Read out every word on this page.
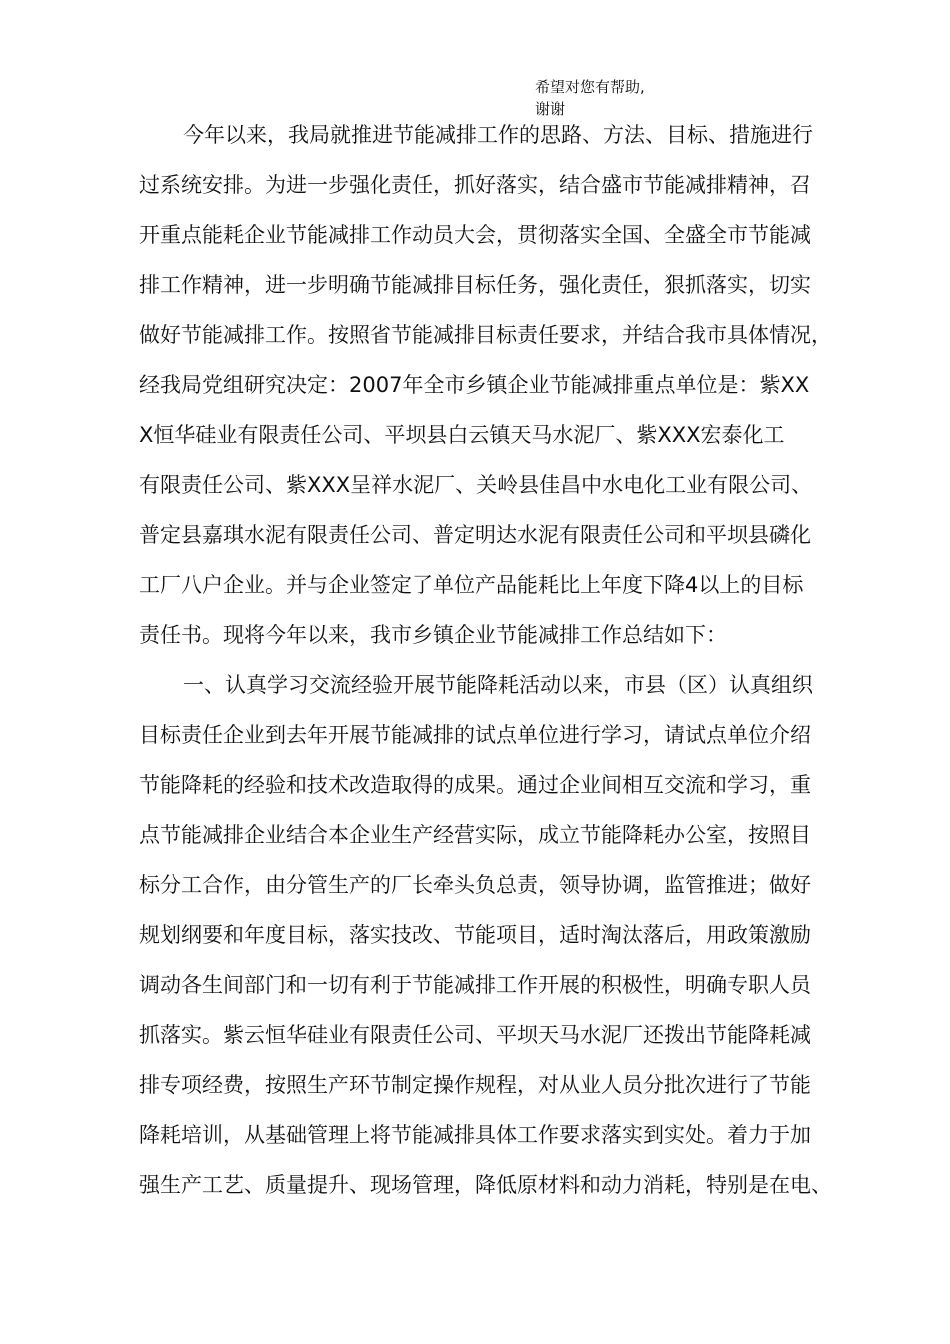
希望对您有帮助,
谢谢
今年以来，我局就推进节能减排工作的思路、方法、目标、措施进行
过系统安排。为进一步强化责任，抓好落实，结合盛市节能减排精神，召
开重点能耗企业节能减排工作动员大会，贯彻落实全国、全盛全市节能减
排工作精神，进一步明确节能减排目标任务，强化责任，狠抓落实，切实
做好节能减排工作。按照省节能减排目标责任要求，并结合我市具体情况，
经我局党组研究决定：2007年全市乡镇企业节能减排重点单位是：紫XX
X恒华硅业有限责任公司、平坝县白云镇天马水泥厂、紫XXX宏泰化工
有限责任公司、紫XXX呈祥水泥厂、关岭县佳昌中水电化工业有限公司、
普定县嘉琪水泥有限责任公司、普定明达水泥有限责任公司和平坝县磷化
工厂八户企业。并与企业签定了单位产品能耗比上年度下降4以上的目标
责任书。现将今年以来，我市乡镇企业节能减排工作总结如下：
一、认真学习交流经验开展节能降耗活动以来，市县（区）认真组织
目标责任企业到去年开展节能减排的试点单位进行学习，请试点单位介绍
节能降耗的经验和技术改造取得的成果。通过企业间相互交流和学习，重
点节能减排企业结合本企业生产经营实际，成立节能降耗办公室，按照目
标分工合作，由分管生产的厂长牵头负总责，领导协调，监管推进；做好
规划纲要和年度目标，落实技改、节能项目，适时淘汰落后，用政策激励
调动各生间部门和一切有利于节能减排工作开展的积极性，明确专职人员
抓落实。紫云恒华硅业有限责任公司、平坝天马水泥厂还拨出节能降耗减
排专项经费，按照生产环节制定操作规程，对从业人员分批次进行了节能
降耗培训，从基础管理上将节能减排具体工作要求落实到实处。着力于加
强生产工艺、质量提升、现场管理，降低原材料和动力消耗，特别是在电、
